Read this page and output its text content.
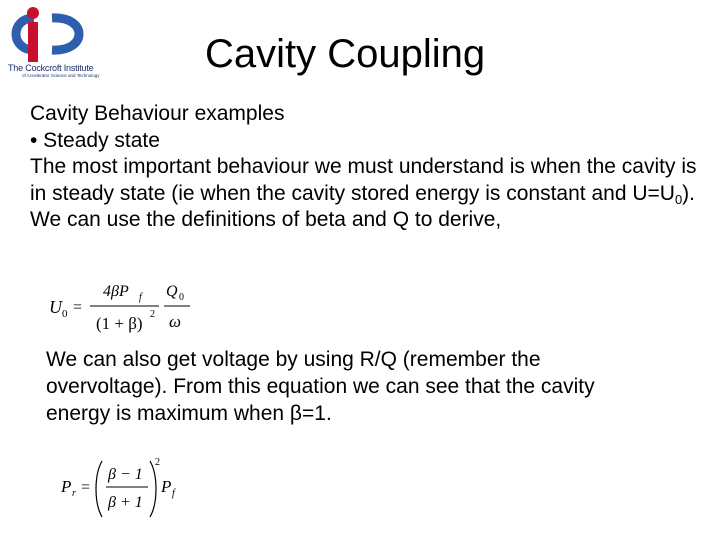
The Cockcroft Institute
of Accelerator Science and Technology	Cavity Coupling

Cavity Behaviour examples

• Steady state

The most important behaviour we must understand is when the cavity is in steady state (ie when the cavity stored energy is constant and $U=U_0$). We can use the definitions of beta and Q to derive,

U 0 =
4βP f
(1 + β) 2
Q 0
ω

We can also get voltage by using R/Q (remember the overvoltage). From this equation we can see that the cavity energy is maximum when β=1.

P r =
β − 1
β + 1
2
P f
